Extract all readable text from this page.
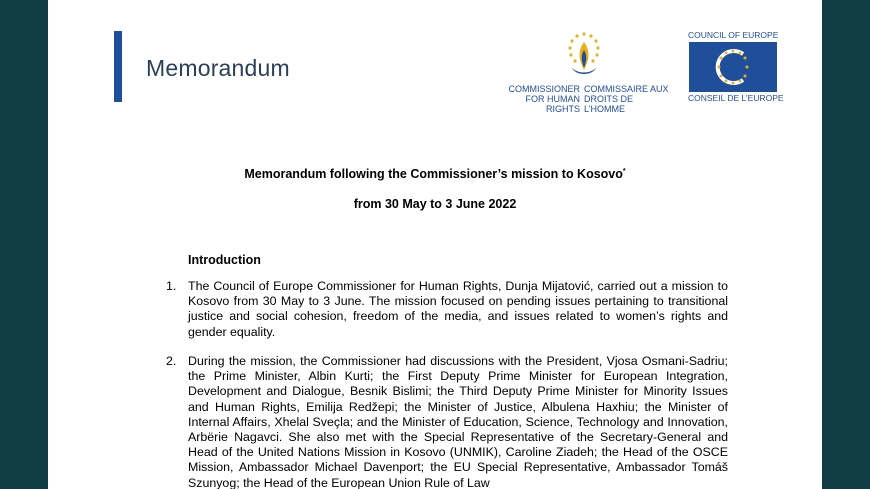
Memorandum
COMMISSIONER FOR HUMAN RIGHTS
COMMISSAIRE AUX DROITS DE L’HOMME
COUNCIL OF EUROPE
CONSEIL DE L’EUROPE
Memorandum following the Commissioner’s mission to Kosovo*
from 30 May to 3 June 2022
Introduction
1. The Council of Europe Commissioner for Human Rights, Dunja Mijatović, carried out a mission to Kosovo from 30 May to 3 June. The mission focused on pending issues pertaining to transitional justice and social cohesion, freedom of the media, and issues related to women’s rights and gender equality.
2. During the mission, the Commissioner had discussions with the President, Vjosa Osmani-Sadriu; the Prime Minister, Albin Kurti; the First Deputy Prime Minister for European Integration, Development and Dialogue, Besnik Bislimi; the Third Deputy Prime Minister for Minority Issues and Human Rights, Emilija Redžepi; the Minister of Justice, Albulena Haxhiu; the Minister of Internal Affairs, Xhelal Sveçla; and the Minister of Education, Science, Technology and Innovation, Arbërie Nagavci. She also met with the Special Representative of the Secretary-General and Head of the United Nations Mission in Kosovo (UNMIK), Caroline Ziadeh; the Head of the OSCE Mission, Ambassador Michael Davenport; the EU Special Representative, Ambassador Tomáš Szunyog; the Head of the European Union Rule of Law
